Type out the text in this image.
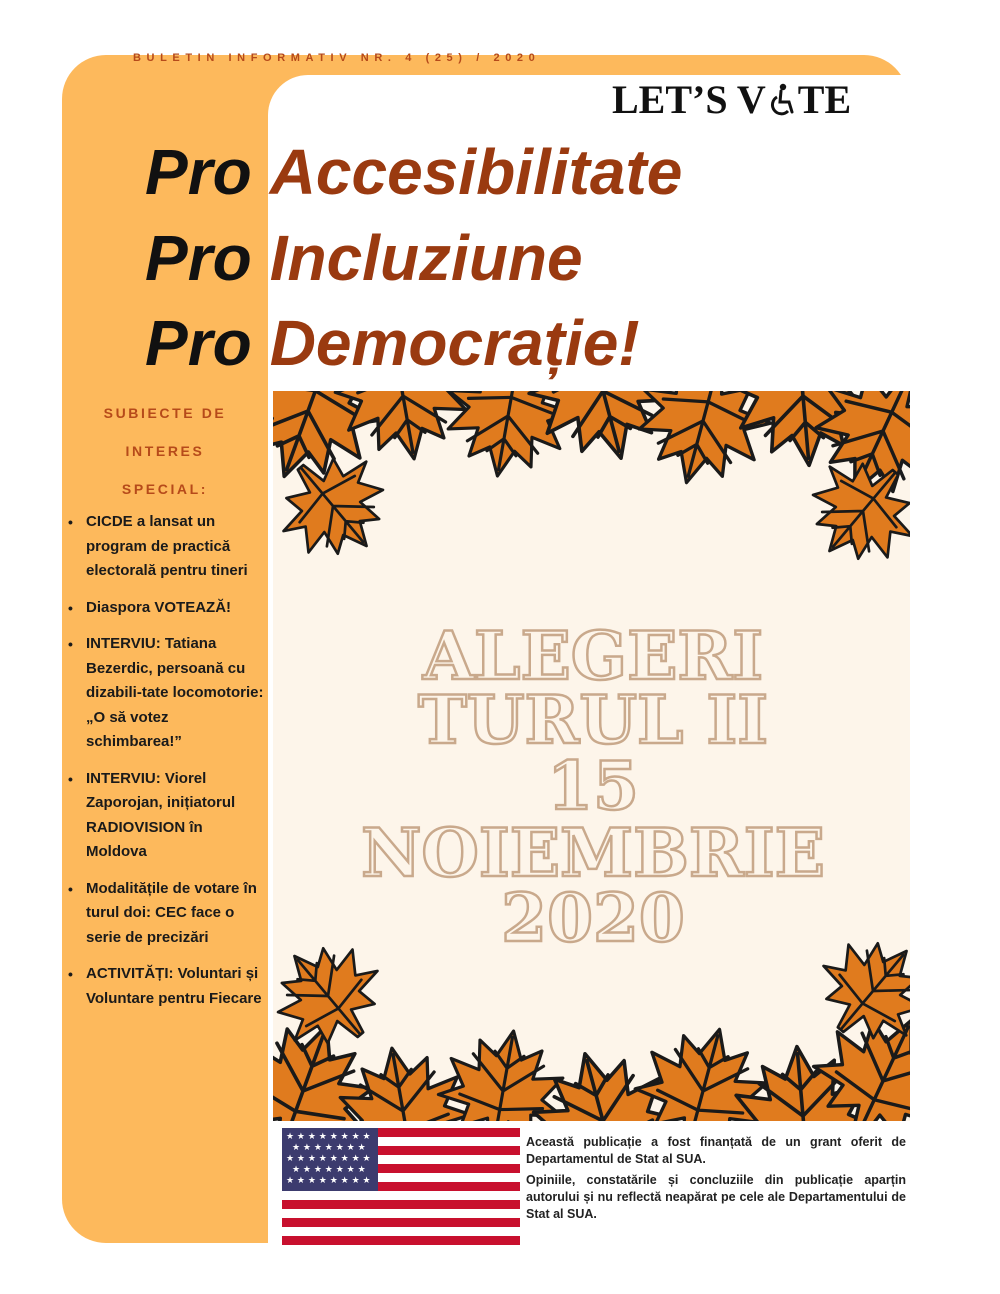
BULETIN INFORMATIV NR. 4 (25) / 2020
LET’S V TE
Pro Accesibilitate
Pro Incluziune
Pro Democrație!
SUBIECTE DE
INTERES
SPECIAL:
• CICDE a lansat un program de practică electorală pentru tineri
• Diaspora VOTEAZĂ!
• INTERVIU: Tatiana Bezerdic, persoană cu dizabili-tate locomotorie: „O să votez schimbarea!”
• INTERVIU: Viorel Zaporojan, inițiatorul RADIOVISION în Moldova
• Modalitățile de votare în turul doi: CEC face o serie de precizări
• ACTIVITĂȚI: Voluntari și Voluntare pentru Fiecare
ALEGERI
TURUL II
15
NOIEMBRIE
2020
★ ★ ★ ★ ★ ★ ★ ★
★ ★ ★ ★ ★ ★ ★
★ ★ ★ ★ ★ ★ ★ ★
★ ★ ★ ★ ★ ★ ★
★ ★ ★ ★ ★ ★ ★ ★

Această publicație a fost finanțată de un grant oferit de Departamentul de Stat al SUA.

Opiniile, constatările și concluziile din publicație aparțin autorului și nu reflectă neapărat pe cele ale Departamentului de Stat al SUA.
